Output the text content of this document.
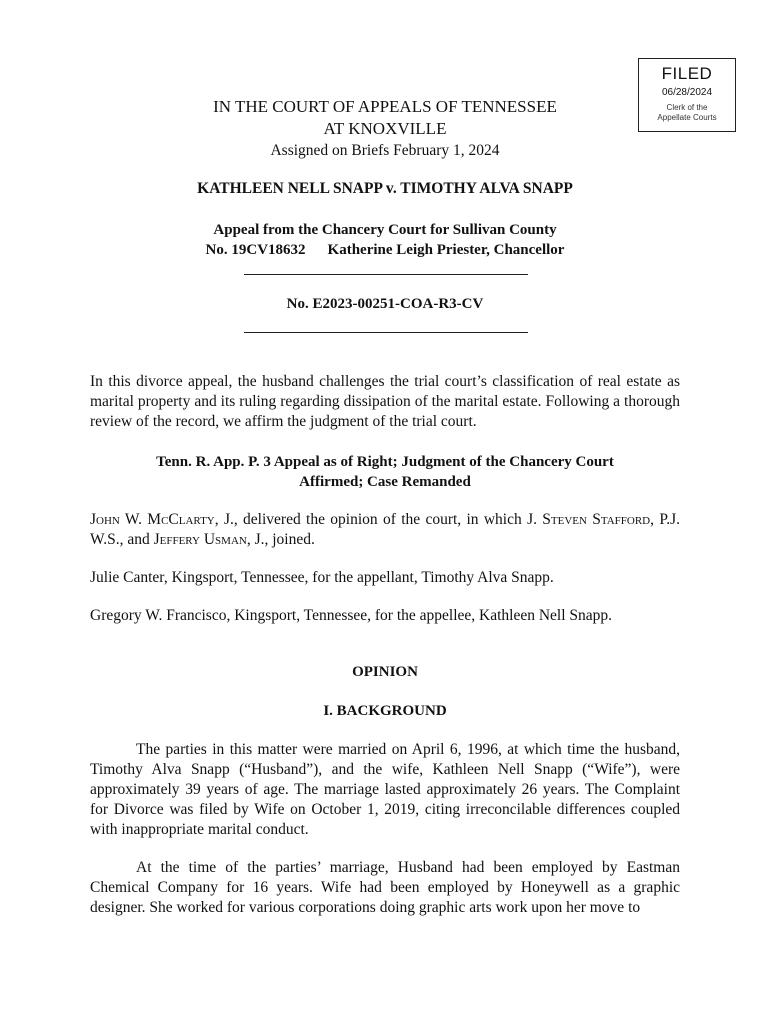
FILED
06/28/2024
Clerk of the
Appellate Courts
IN THE COURT OF APPEALS OF TENNESSEE
AT KNOXVILLE
Assigned on Briefs February 1, 2024
KATHLEEN NELL SNAPP v. TIMOTHY ALVA SNAPP
Appeal from the Chancery Court for Sullivan County
No. 19CV18632 Katherine Leigh Priester, Chancellor
No. E2023-00251-COA-R3-CV
In this divorce appeal, the husband challenges the trial court’s classification of real estate as marital property and its ruling regarding dissipation of the marital estate. Following a thorough review of the record, we affirm the judgment of the trial court.
Tenn. R. App. P. 3 Appeal as of Right; Judgment of the Chancery Court
Affirmed; Case Remanded
John W. McClarty, J., delivered the opinion of the court, in which J. Steven Stafford, P.J. W.S., and Jeffery Usman, J., joined.
Julie Canter, Kingsport, Tennessee, for the appellant, Timothy Alva Snapp.
Gregory W. Francisco, Kingsport, Tennessee, for the appellee, Kathleen Nell Snapp.
OPINION
I. BACKGROUND
The parties in this matter were married on April 6, 1996, at which time the husband, Timothy Alva Snapp (“Husband”), and the wife, Kathleen Nell Snapp (“Wife”), were approximately 39 years of age. The marriage lasted approximately 26 years. The Complaint for Divorce was filed by Wife on October 1, 2019, citing irreconcilable differences coupled with inappropriate marital conduct.
At the time of the parties’ marriage, Husband had been employed by Eastman Chemical Company for 16 years. Wife had been employed by Honeywell as a graphic designer. She worked for various corporations doing graphic arts work upon her move to
